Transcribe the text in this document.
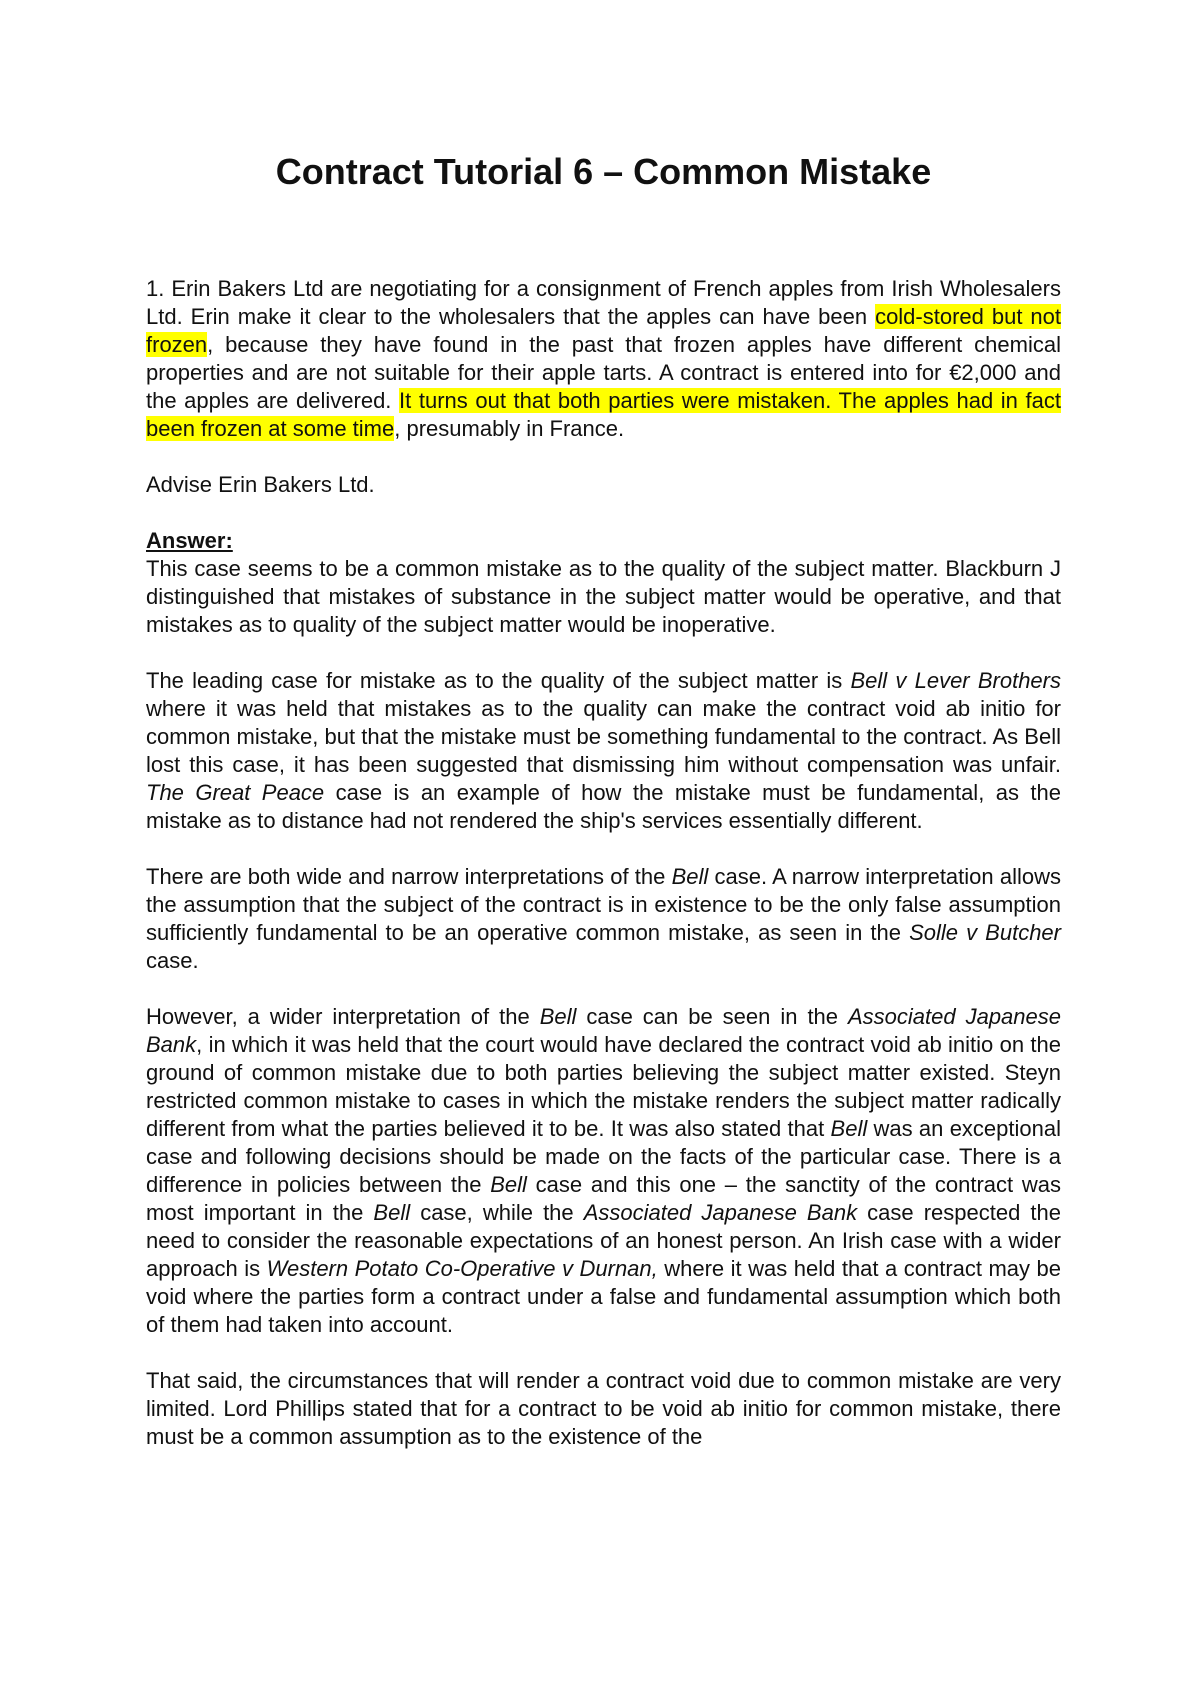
Contract Tutorial 6 – Common Mistake

1. Erin Bakers Ltd are negotiating for a consignment of French apples from Irish Wholesalers Ltd. Erin make it clear to the wholesalers that the apples can have been cold-stored but not frozen, because they have found in the past that frozen apples have different chemical properties and are not suitable for their apple tarts. A contract is entered into for €2,000 and the apples are delivered. It turns out that both parties were mistaken. The apples had in fact been frozen at some time, presumably in France.

Advise Erin Bakers Ltd.

Answer:
This case seems to be a common mistake as to the quality of the subject matter. Blackburn J distinguished that mistakes of substance in the subject matter would be operative, and that mistakes as to quality of the subject matter would be inoperative.

The leading case for mistake as to the quality of the subject matter is Bell v Lever Brothers where it was held that mistakes as to the quality can make the contract void ab initio for common mistake, but that the mistake must be something fundamental to the contract. As Bell lost this case, it has been suggested that dismissing him without compensation was unfair. The Great Peace case is an example of how the mistake must be fundamental, as the mistake as to distance had not rendered the ship's services essentially different.

There are both wide and narrow interpretations of the Bell case. A narrow interpretation allows the assumption that the subject of the contract is in existence to be the only false assumption sufficiently fundamental to be an operative common mistake, as seen in the Solle v Butcher case.

However, a wider interpretation of the Bell case can be seen in the Associated Japanese Bank, in which it was held that the court would have declared the contract void ab initio on the ground of common mistake due to both parties believing the subject matter existed. Steyn restricted common mistake to cases in which the mistake renders the subject matter radically different from what the parties believed it to be. It was also stated that Bell was an exceptional case and following decisions should be made on the facts of the particular case. There is a difference in policies between the Bell case and this one – the sanctity of the contract was most important in the Bell case, while the Associated Japanese Bank case respected the need to consider the reasonable expectations of an honest person. An Irish case with a wider approach is Western Potato Co-Operative v Durnan, where it was held that a contract may be void where the parties form a contract under a false and fundamental assumption which both of them had taken into account.

That said, the circumstances that will render a contract void due to common mistake are very limited. Lord Phillips stated that for a contract to be void ab initio for common mistake, there must be a common assumption as to the existence of the
